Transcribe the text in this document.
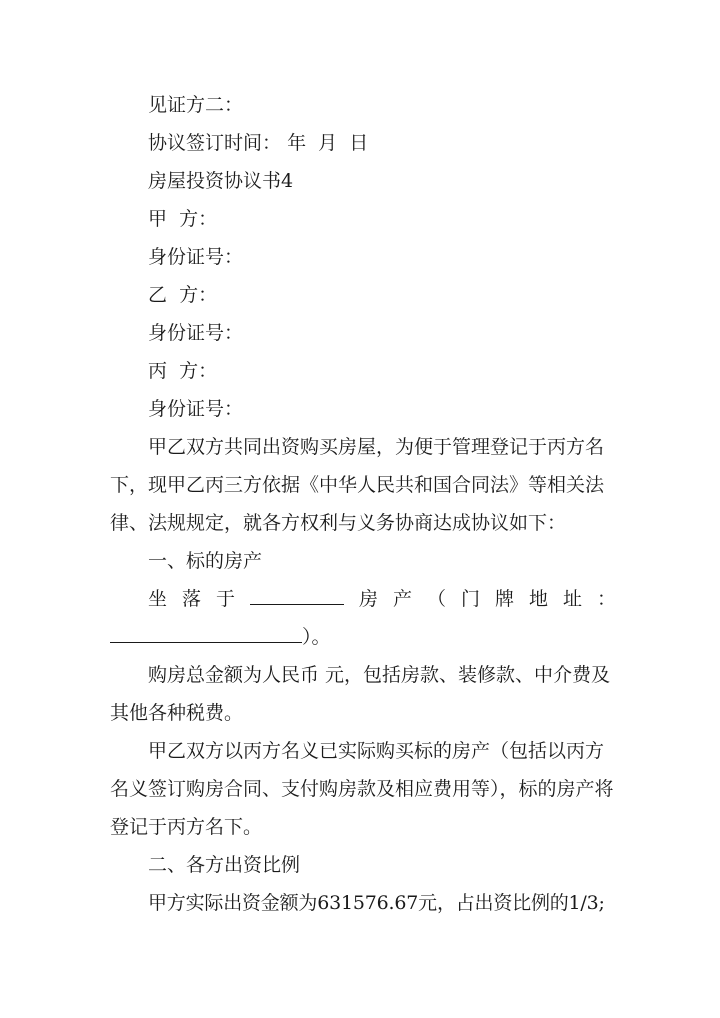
见证方二：
协议签订时间： 年  月  日
房屋投资协议书4
甲  方：
身份证号：
乙  方：
身份证号：
丙  方：
身份证号：
甲乙双方共同出资购买房屋，为便于管理登记于丙方名下，现甲乙丙三方依据《中华人民共和国合同法》等相关法律、法规规定，就各方权利与义务协商达成协议如下：
一、标的房产
坐 落 于	房 产 （ 门 牌 地 址 ：
）。
购房总金额为人民币 元，包括房款、装修款、中介费及其他各种税费。
甲乙双方以丙方名义已实际购买标的房产（包括以丙方名义签订购房合同、支付购房款及相应费用等），标的房产将登记于丙方名下。
二、各方出资比例
甲方实际出资金额为631576.67元，占出资比例的1/3;
